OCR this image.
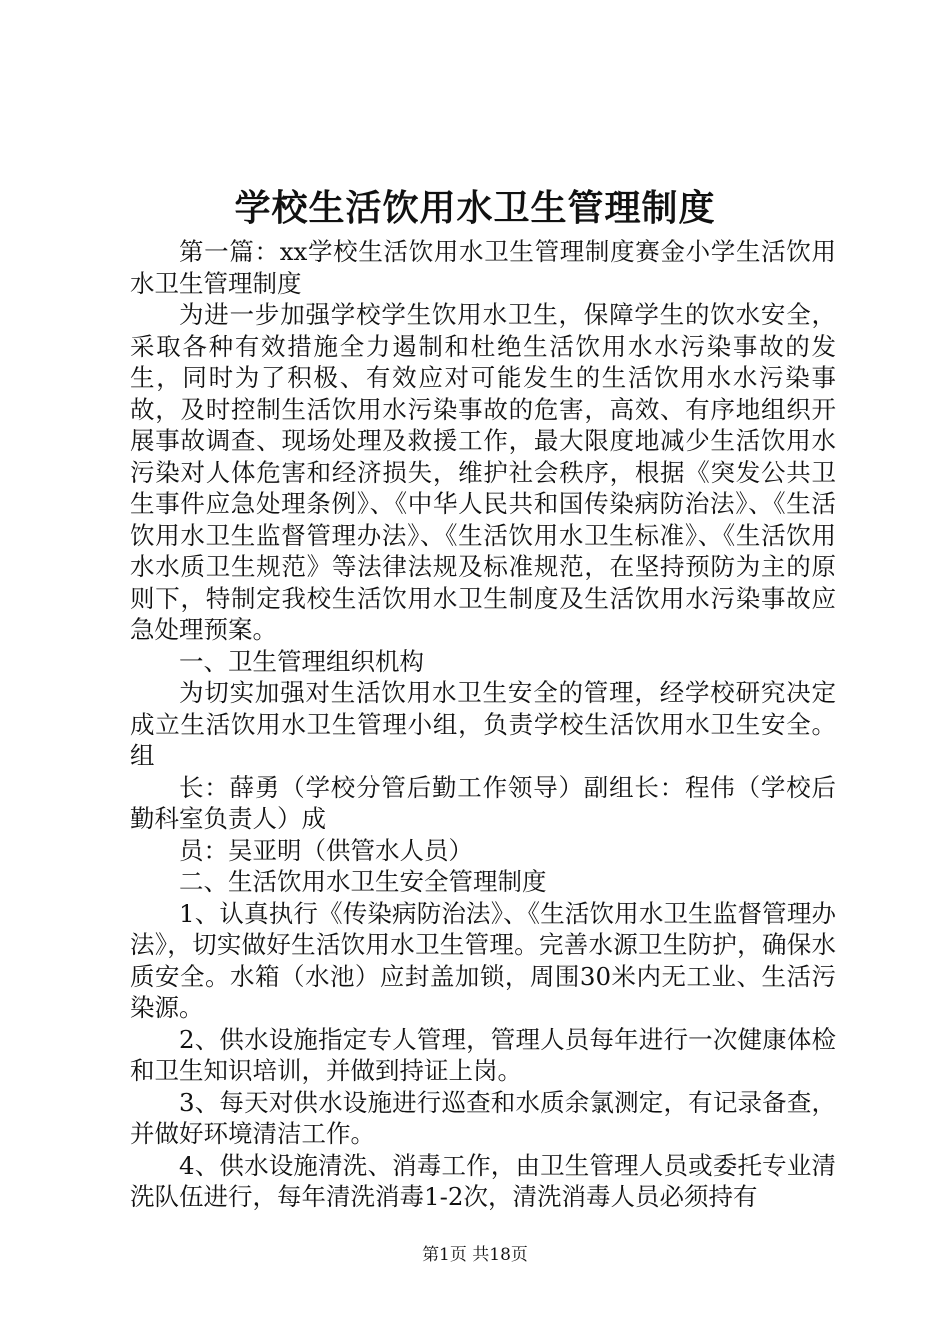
学校生活饮用水卫生管理制度

第一篇：xx学校生活饮用水卫生管理制度赛金小学生活饮用水卫生管理制度

为进一步加强学校学生饮用水卫生，保障学生的饮水安全，采取各种有效措施全力遏制和杜绝生活饮用水水污染事故的发生，同时为了积极、有效应对可能发生的生活饮用水水污染事故，及时控制生活饮用水污染事故的危害，高效、有序地组织开展事故调查、现场处理及救援工作，最大限度地减少生活饮用水污染对人体危害和经济损失，维护社会秩序，根据《突发公共卫生事件应急处理条例》、《中华人民共和国传染病防治法》、《生活饮用水卫生监督管理办法》、《生活饮用水卫生标准》、《生活饮用水水质卫生规范》等法律法规及标准规范，在坚持预防为主的原则下，特制定我校生活饮用水卫生制度及生活饮用水污染事故应急处理预案。

一、卫生管理组织机构

为切实加强对生活饮用水卫生安全的管理，经学校研究决定成立生活饮用水卫生管理小组，负责学校生活饮用水卫生安全。组

长：薛勇（学校分管后勤工作领导）副组长：程伟（学校后勤科室负责人）成

员：吴亚明（供管水人员）

二、生活饮用水卫生安全管理制度

1、认真执行《传染病防治法》、《生活饮用水卫生监督管理办法》，切实做好生活饮用水卫生管理。完善水源卫生防护，确保水质安全。水箱（水池）应封盖加锁，周围30米内无工业、生活污染源。

2、供水设施指定专人管理，管理人员每年进行一次健康体检和卫生知识培训，并做到持证上岗。

3、每天对供水设施进行巡查和水质余氯测定，有记录备查，并做好环境清洁工作。

4、供水设施清洗、消毒工作，由卫生管理人员或委托专业清洗队伍进行，每年清洗消毒1-2次，清洗消毒人员必须持有

第1页 共18页
